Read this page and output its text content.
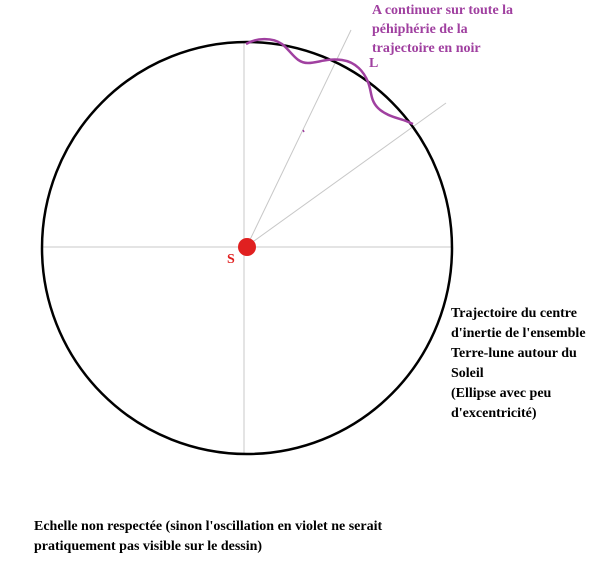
A continuer sur toute la
péhiphérie de la
trajectoire en noir
L
S
Trajectoire du centre
d'inertie de l'ensemble
Terre-lune autour du
Soleil
(Ellipse avec peu
d'excentricité)
Echelle non respectée (sinon l'oscillation en violet ne serait
pratiquement pas visible sur le dessin)
